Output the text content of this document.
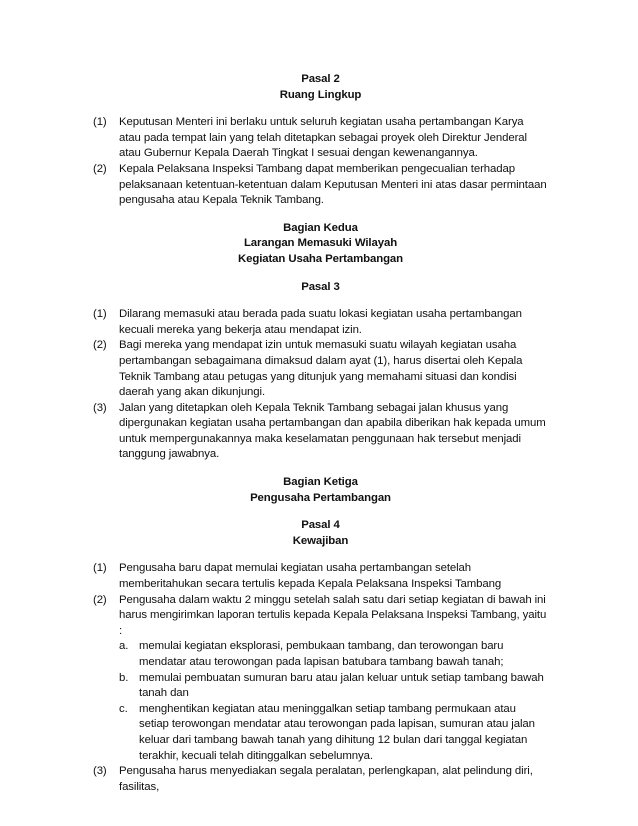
Pasal 2

Ruang Lingkup

(1)	Keputusan Menteri ini berlaku untuk seluruh kegiatan usaha pertambangan Karya atau pada tempat lain yang telah ditetapkan sebagai proyek oleh Direktur Jenderal atau Gubernur Kepala Daerah Tingkat I sesuai dengan kewenangannya.

(2)	Kepala Pelaksana Inspeksi Tambang dapat memberikan pengecualian terhadap pelaksanaan ketentuan-ketentuan dalam Keputusan Menteri ini atas dasar permintaan pengusaha atau Kepala Teknik Tambang.

Bagian Kedua

Larangan Memasuki Wilayah

Kegiatan Usaha Pertambangan

Pasal 3

(1)	Dilarang memasuki atau berada pada suatu lokasi kegiatan usaha pertambangan kecuali mereka yang bekerja atau mendapat izin.

(2)	Bagi mereka yang mendapat izin untuk memasuki suatu wilayah kegiatan usaha pertambangan sebagaimana dimaksud dalam ayat (1), harus disertai oleh Kepala Teknik Tambang atau petugas yang ditunjuk yang memahami situasi dan kondisi daerah yang akan dikunjungi.

(3)	Jalan yang ditetapkan oleh Kepala Teknik Tambang sebagai jalan khusus yang dipergunakan kegiatan usaha pertambangan dan apabila diberikan hak kepada umum untuk mempergunakannya maka keselamatan penggunaan hak tersebut menjadi tanggung jawabnya.

Bagian Ketiga

Pengusaha Pertambangan

Pasal 4

Kewajiban

(1)	Pengusaha baru dapat memulai kegiatan usaha pertambangan setelah memberitahukan secara tertulis kepada Kepala Pelaksana Inspeksi Tambang

(2)	Pengusaha dalam waktu 2 minggu setelah salah satu dari setiap kegiatan di bawah ini harus mengirimkan laporan tertulis kepada Kepala Pelaksana Inspeksi Tambang, yaitu :

a. memulai kegiatan eksplorasi, pembukaan tambang, dan terowongan baru mendatar atau terowongan pada lapisan batubara tambang bawah tanah;

b. memulai pembuatan sumuran baru atau jalan keluar untuk setiap tambang bawah tanah dan

c. menghentikan kegiatan atau meninggalkan setiap tambang permukaan atau setiap terowongan mendatar atau terowongan pada lapisan, sumuran atau jalan keluar dari tambang bawah tanah yang dihitung 12 bulan dari tanggal kegiatan terakhir, kecuali telah ditinggalkan sebelumnya.

(3)	Pengusaha harus menyediakan segala peralatan, perlengkapan, alat pelindung diri, fasilitas,
